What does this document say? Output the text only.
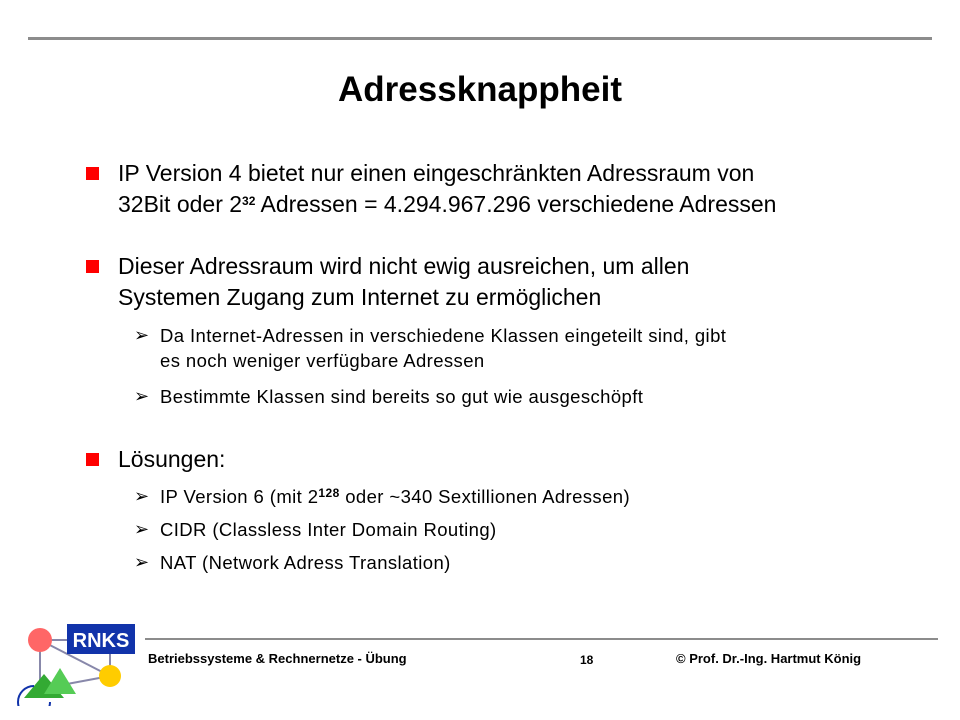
Adressknappheit
IP Version 4 bietet nur einen eingeschränkten Adressraum von
32Bit oder $2^{32}$ Adressen = 4.294.967.296 verschiedene Adressen
Dieser Adressraum wird nicht ewig ausreichen, um allen
Systemen Zugang zum Internet zu ermöglichen
➢ Da Internet-Adressen in verschiedene Klassen eingeteilt sind, gibt
es noch weniger verfügbare Adressen
➢ Bestimmte Klassen sind bereits so gut wie ausgeschöpft
Lösungen:
➢ IP Version 6 (mit $2^{128}$ oder ~340 Sextillionen Adressen)
➢ CIDR (Classless Inter Domain Routing)
➢ NAT (Network Adress Translation)
RNKS
Betriebssysteme & Rechnernetze - Übung	18	© Prof. Dr.-Ing. Hartmut König
